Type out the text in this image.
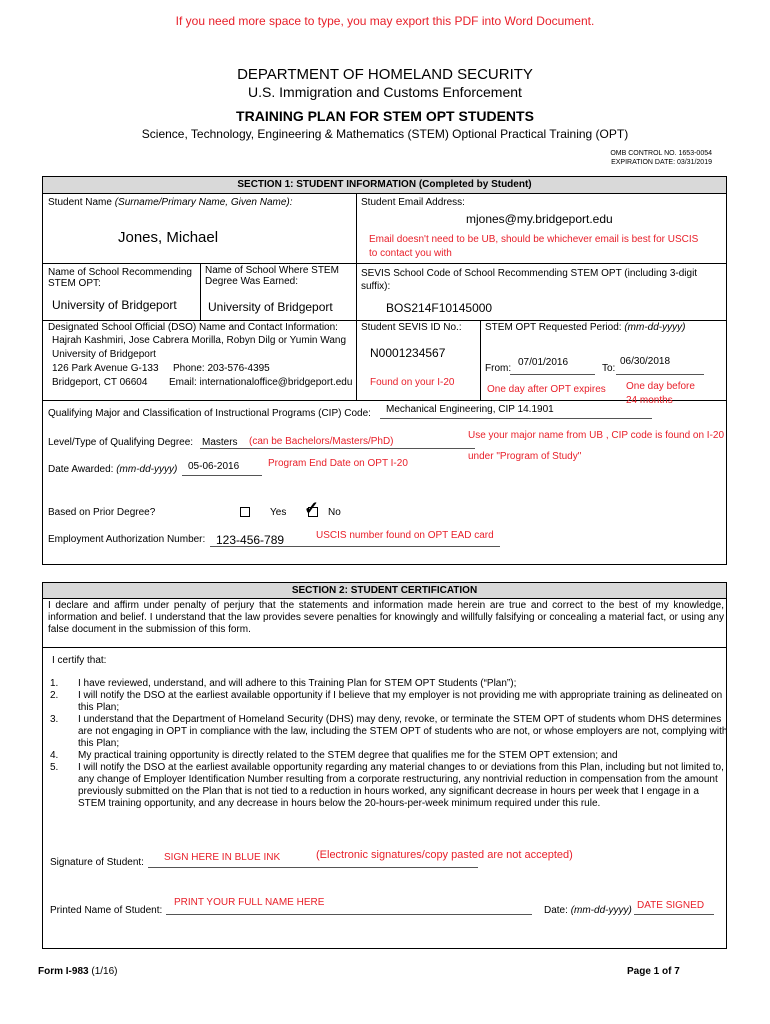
If you need more space to type, you may export this PDF into Word Document.
DEPARTMENT OF HOMELAND SECURITY
U.S. Immigration and Customs Enforcement
TRAINING PLAN FOR STEM OPT STUDENTS
Science, Technology, Engineering & Mathematics (STEM) Optional Practical Training (OPT)
OMB CONTROL NO. 1653-0054
EXPIRATION DATE: 03/31/2019
SECTION 1: STUDENT INFORMATION (Completed by Student)
Student Name (Surname/Primary Name, Given Name):
Jones, Michael
Student Email Address:
mjones@my.bridgeport.edu
Email doesn't need to be UB, should be whichever email is best for USCIS to contact you with
Name of School Recommending STEM OPT:
University of Bridgeport
Name of School Where STEM Degree Was Earned:
University of Bridgeport
SEVIS School Code of School Recommending STEM OPT (including 3-digit suffix):
BOS214F10145000
Designated School Official (DSO) Name and Contact Information:
Hajrah Kashmiri, Jose Cabrera Morilla, Robyn Dilg or Yumin Wang
University of Bridgeport
126 Park Avenue G-133 Phone: 203-576-4395
Bridgeport, CT 06604 Email: internationaloffice@bridgeport.edu
Student SEVIS ID No.:
N0001234567
Found on your I-20
STEM OPT Requested Period: (mm-dd-yyyy)
From:
07/01/2016
To:
06/30/2018
One day after OPT expires One day before 24 months
Qualifying Major and Classification of Instructional Programs (CIP) Code: Mechanical Engineering, CIP 14.1901
Use your major name from UB , CIP code is found on I-20 under "Program of Study"
Level/Type of Qualifying Degree: Masters (can be Bachelors/Masters/PhD)
Date Awarded: (mm-dd-yyyy) 05-06-2016	Program End Date on OPT I-20
Based on Prior Degree?	Yes ✓ No
Employment Authorization Number: 123-456-789	USCIS number found on OPT EAD card
SECTION 2: STUDENT CERTIFICATION
I declare and affirm under penalty of perjury that the statements and information made herein are true and correct to the best of my knowledge, information and belief. I understand that the law provides severe penalties for knowingly and willfully falsifying or concealing a material fact, or using any false document in the submission of this form.
I certify that:
1.	I have reviewed, understand, and will adhere to this Training Plan for STEM OPT Students (“Plan”);
2.	I will notify the DSO at the earliest available opportunity if I believe that my employer is not providing me with appropriate training as delineated on this Plan;
3.	I understand that the Department of Homeland Security (DHS) may deny, revoke, or terminate the STEM OPT of students whom DHS determines are not engaging in OPT in compliance with the law, including the STEM OPT of students who are not, or whose employers are not, complying with this Plan;
4.	My practical training opportunity is directly related to the STEM degree that qualifies me for the STEM OPT extension; and
5.	I will notify the DSO at the earliest available opportunity regarding any material changes to or deviations from this Plan, including but not limited to, any change of Employer Identification Number resulting from a corporate restructuring, any nontrivial reduction in compensation from the amount previously submitted on the Plan that is not tied to a reduction in hours worked, any significant decrease in hours per week that I engage in a STEM training opportunity, and any decrease in hours below the 20-hours-per-week minimum required under this rule.
Signature of Student: SIGN HERE IN BLUE INK	(Electronic signatures/copy pasted are not accepted)
Printed Name of Student:
PRINT YOUR FULL NAME HERE
Date: (mm-dd-yyyy) DATE SIGNED
Form I-983 (1/16)	Page 1 of 7
